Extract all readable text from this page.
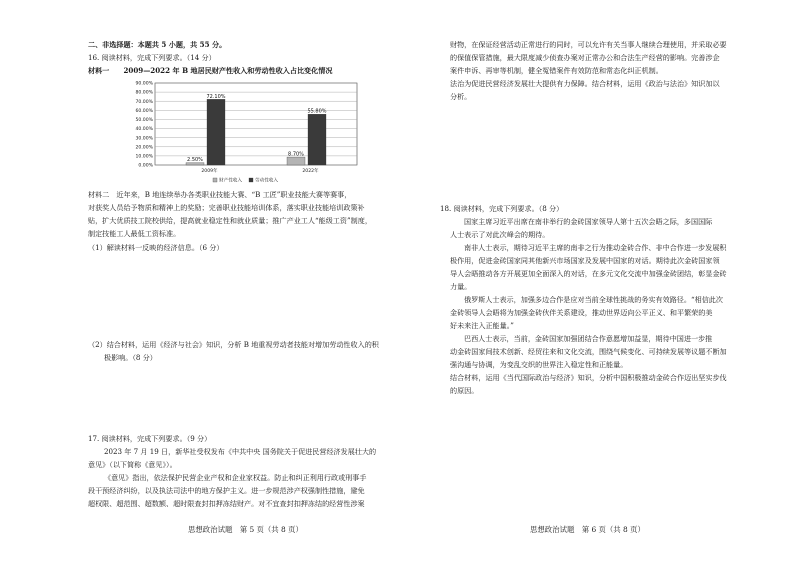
二、非选择题：本题共 5 小题，共 55 分。
16. 阅读材料，完成下列要求。（14 分）
材料一　　2009—2022 年 B 地居民财产性收入和劳动性收入占比变化情况
0.00%
10.00%
20.00%
30.00%
40.00%
50.00%
60.00%
70.00%
80.00%
90.00%
2.50%
72.10%
2009年
8.70%
55.80%
2022年
财产性收入	劳动性收入
材料二　近年来，B 地连续举办各类职业技能大赛、“B 工匠”职业技能大赛等赛事，
对获奖人员给予物质和精神上的奖励；完善职业技能培训体系，落实职业技能培训政策补
贴，扩大优质技工院校供给，提高就业稳定性和就业质量；推广产业工人“能级工资”制度，
制定技能工人最低工资标准。
（1）解读材料一反映的经济信息。（6 分）
（2）结合材料，运用《经济与社会》知识，分析 B 地重视劳动者技能对增加劳动性收入的积
极影响。（8 分）
17. 阅读材料，完成下列要求。（9 分）
2023 年 7 月 19 日，新华社受权发布《中共中央 国务院关于促进民营经济发展壮大的
意见》（以下简称《意见》）。
《意见》指出，依法保护民营企业产权和企业家权益。防止和纠正利用行政或刑事手
段干预经济纠纷，以及执法司法中的地方保护主义。进一步规范涉产权强制性措施，避免
超权限、超范围、超数额、超时限查封扣押冻结财产。对不宜查封扣押冻结的经营性涉案
思想政治试题　第 5 页（共 8 页）
财物，在保证经营活动正常进行的同时，可以允许有关当事人继续合理使用，并采取必要
的保值保管措施，最大限度减少侦查办案对正常办公和合法生产经营的影响。完善涉企
案件申诉、再审等机制，健全冤错案件有效防范和常态化纠正机制。
法治为促进民营经济发展壮大提供有力保障。结合材料，运用《政治与法治》知识加以
分析。
18. 阅读材料，完成下列要求。（8 分）
国家主席习近平出席在南非举行的金砖国家领导人第十五次会晤之际，多国国际
人士表示了对此次峰会的期待。
南非人士表示，期待习近平主席的南非之行为推动金砖合作、非中合作进一步发展积
极作用，促进金砖国家同其他新兴市场国家及发展中国家的对话。期待此次金砖国家领
导人会晤推动各方开展更加全面深入的对话，在多元文化交流中加强金砖团结，彰显金砖
力量。
俄罗斯人士表示，加强多边合作是应对当前全球性挑战的务实有效路径。“相信此次
金砖领导人会晤将为加强金砖伙伴关系建设，推动世界迈向公平正义、和平繁荣的美
好未来注入正能量。”
巴西人士表示，当前，金砖国家加强团结合作意愿增加益显，期待中国进一步推
动金砖国家间技术创新、经贸往来和文化交流，围绕气候变化、可持续发展等议题不断加
强沟通与协调，为变乱交织的世界注入稳定性和正能量。
结合材料，运用《当代国际政治与经济》知识，分析中国积极推动金砖合作迈出坚实步伐
的原因。
思想政治试题　第 6 页（共 8 页）
